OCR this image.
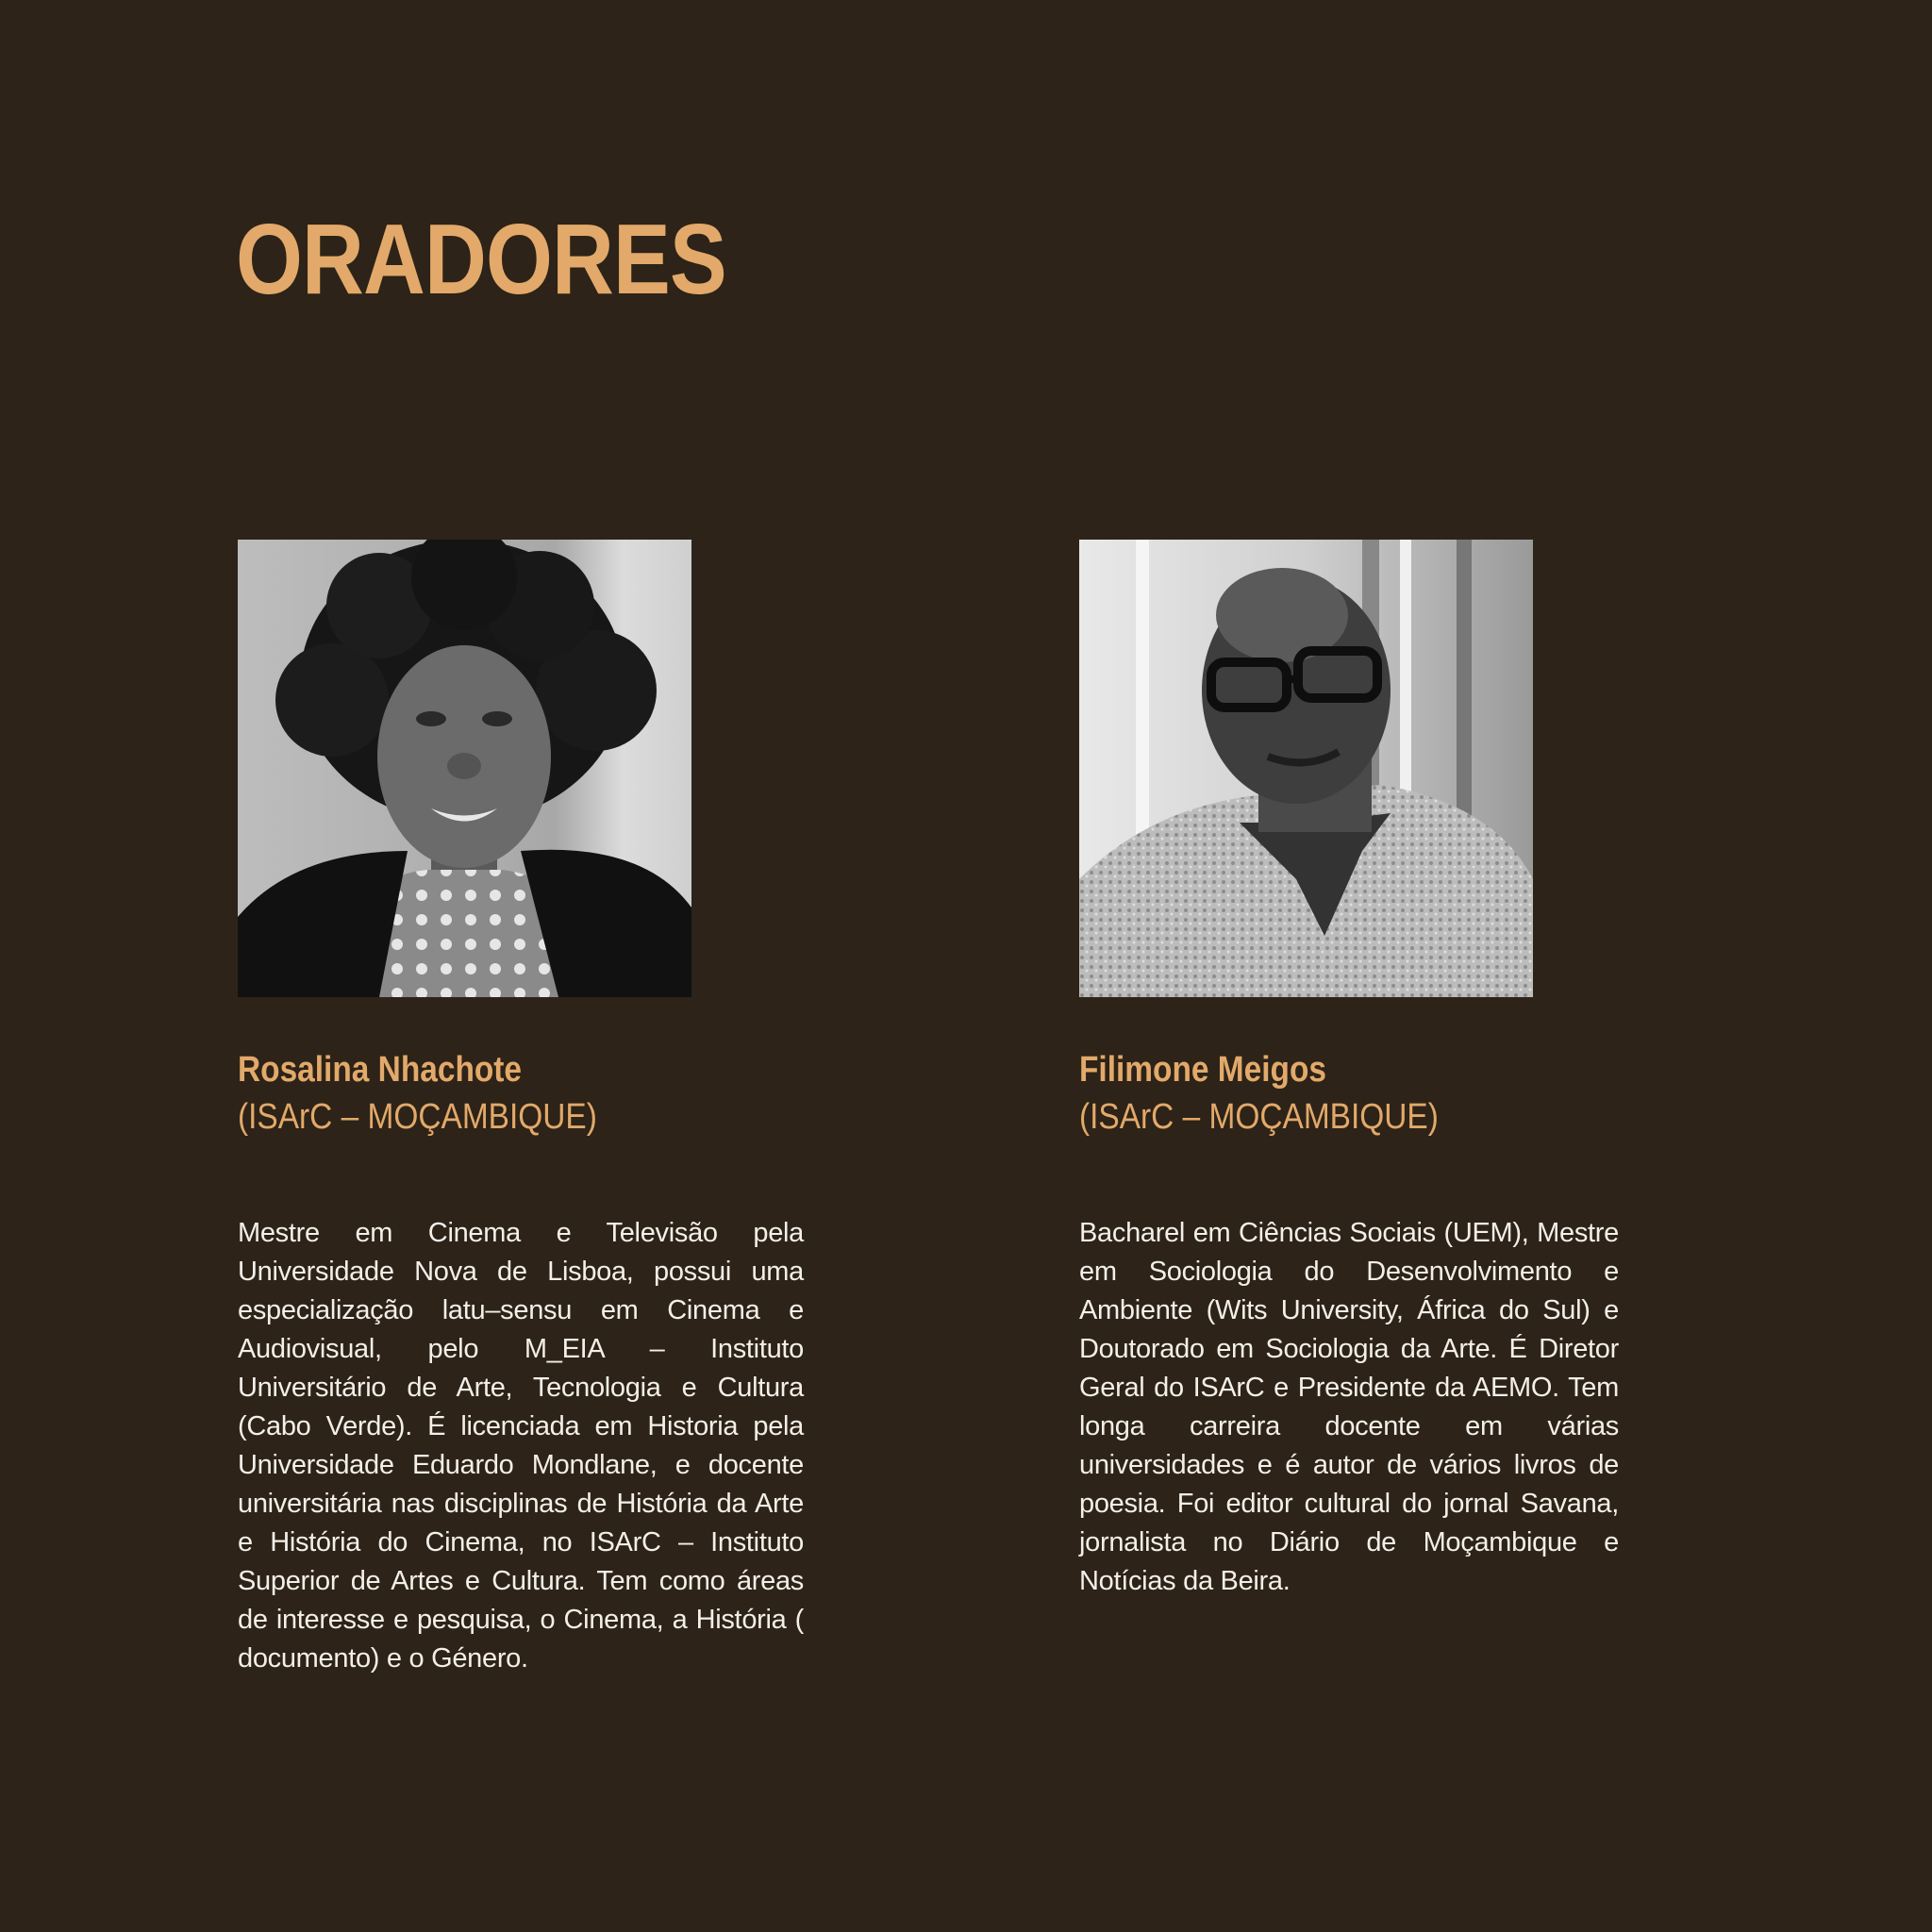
ORADORES
Rosalina Nhachote
(ISArC – MOÇAMBIQUE)
Mestre em Cinema e Televisão pela Universidade Nova de Lisboa, possui uma especialização latu–sensu em Cinema e Audiovisual, pelo M_EIA – Instituto Universitário de Arte, Tecnologia e Cultura (Cabo Verde). É licenciada em Historia pela Universidade Eduardo Mondlane, e docente universitária nas disciplinas de História da Arte e História do Cinema, no ISArC – Instituto Superior de Artes e Cultura. Tem como áreas de interesse e pesquisa, o Cinema, a História ( documento) e o Género.
Filimone Meigos
(ISArC – MOÇAMBIQUE)
Bacharel em Ciências Sociais (UEM), Mestre em Sociologia do Desenvolvimento e Ambiente (Wits University, África do Sul) e Doutorado em Sociologia da Arte. É Diretor Geral do ISArC e Presidente da AEMO. Tem longa carreira docente em várias universidades e é autor de vários livros de poesia. Foi editor cultural do jornal Savana, jornalista no Diário de Moçambique e Notícias da Beira.
